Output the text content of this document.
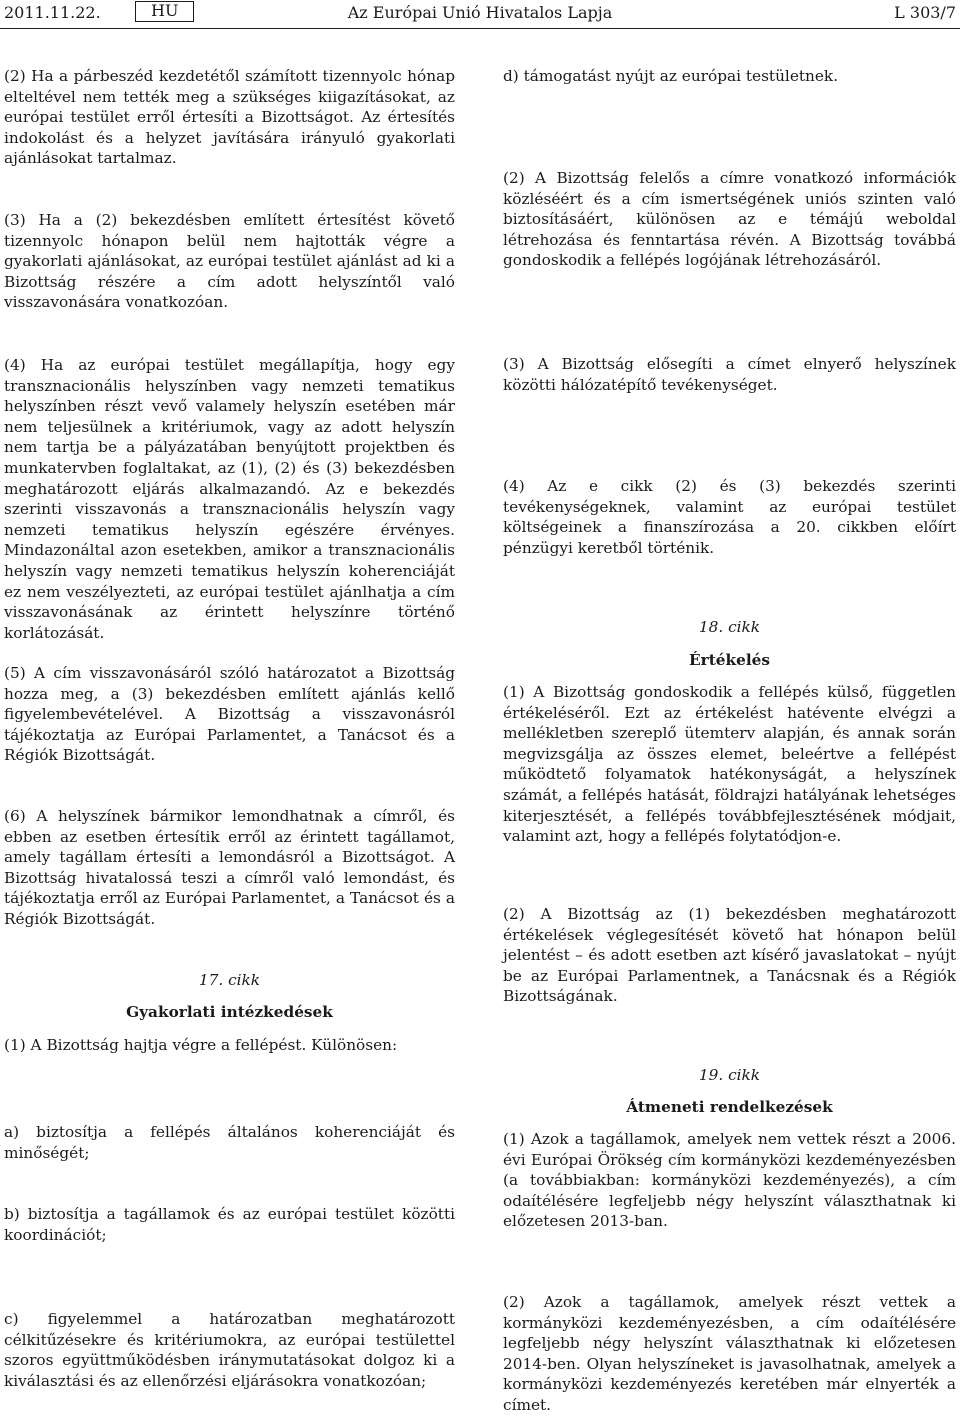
2011.11.22.	HU	Az Európai Unió Hivatalos Lapja	L 303/7

(2) Ha a párbeszéd kezdetétől számított tizennyolc hónap elteltével nem tették meg a szükséges kiigazításokat, az európai testület erről értesíti a Bizottságot. Az értesítés indokolást és a helyzet javítására irányuló gyakorlati ajánlásokat tartalmaz.

(3) Ha a (2) bekezdésben említett értesítést követő tizennyolc hónapon belül nem hajtották végre a gyakorlati ajánlásokat, az európai testület ajánlást ad ki a Bizottság részére a cím adott helyszíntől való visszavonására vonatkozóan.

(4) Ha az európai testület megállapítja, hogy egy transznacionális helyszínben vagy nemzeti tematikus helyszínben részt vevő valamely helyszín esetében már nem teljesülnek a kritériumok, vagy az adott helyszín nem tartja be a pályázatában benyújtott projektben és munkatervben foglaltakat, az (1), (2) és (3) bekezdésben meghatározott eljárás alkalmazandó. Az e bekezdés szerinti visszavonás a transznacionális helyszín vagy nemzeti tematikus helyszín egészére érvényes. Mindazonáltal azon esetekben, amikor a transznacionális helyszín vagy nemzeti tematikus helyszín koherenciáját ez nem veszélyezteti, az európai testület ajánlhatja a cím visszavonásának az érintett helyszínre történő korlátozását.

(5) A cím visszavonásáról szóló határozatot a Bizottság hozza meg, a (3) bekezdésben említett ajánlás kellő figyelembevételével. A Bizottság a visszavonásról tájékoztatja az Európai Parlamentet, a Tanácsot és a Régiók Bizottságát.

(6) A helyszínek bármikor lemondhatnak a címről, és ebben az esetben értesítik erről az érintett tagállamot, amely tagállam értesíti a lemondásról a Bizottságot. A Bizottság hivatalossá teszi a címről való lemondást, és tájékoztatja erről az Európai Parlamentet, a Tanácsot és a Régiók Bizottságát.

17. cikk
Gyakorlati intézkedések

(1) A Bizottság hajtja végre a fellépést. Különösen:

a) biztosítja a fellépés általános koherenciáját és minőségét;

b) biztosítja a tagállamok és az európai testület közötti koordinációt;

c) figyelemmel a határozatban meghatározott célkitűzésekre és kritériumokra, az európai testülettel szoros együttműködésben iránymutatásokat dolgoz ki a kiválasztási és az ellenőrzési eljárásokra vonatkozóan;

d) támogatást nyújt az európai testületnek.

(2) A Bizottság felelős a címre vonatkozó információk közléséért és a cím ismertségének uniós szinten való biztosításáért, különösen az e témájú weboldal létrehozása és fenntartása révén. A Bizottság továbbá gondoskodik a fellépés logójának létrehozásáról.

(3) A Bizottság elősegíti a címet elnyerő helyszínek közötti hálózatépítő tevékenységet.

(4) Az e cikk (2) és (3) bekezdés szerinti tevékenységeknek, valamint az európai testület költségeinek a finanszírozása a 20. cikkben előírt pénzügyi keretből történik.

18. cikk
Értékelés

(1) A Bizottság gondoskodik a fellépés külső, független értékeléséről. Ezt az értékelést hatévente elvégzi a mellékletben szereplő ütemterv alapján, és annak során megvizsgálja az összes elemet, beleértve a fellépést működtető folyamatok hatékonyságát, a helyszínek számát, a fellépés hatását, földrajzi hatályának lehetséges kiterjesztését, a fellépés továbbfejlesztésének módjait, valamint azt, hogy a fellépés folytatódjon-e.

(2) A Bizottság az (1) bekezdésben meghatározott értékelések véglegesítését követő hat hónapon belül jelentést – és adott esetben azt kísérő javaslatokat – nyújt be az Európai Parlamentnek, a Tanácsnak és a Régiók Bizottságának.

19. cikk
Átmeneti rendelkezések

(1) Azok a tagállamok, amelyek nem vettek részt a 2006. évi Európai Örökség cím kormányközi kezdeményezésben (a továbbiakban: kormányközi kezdeményezés), a cím odaítélésére legfeljebb négy helyszínt választhatnak ki előzetesen 2013-ban.

(2) Azok a tagállamok, amelyek részt vettek a kormányközi kezdeményezésben, a cím odaítélésére legfeljebb négy helyszínt választhatnak ki előzetesen 2014-ben. Olyan helyszíneket is javasolhatnak, amelyek a kormányközi kezdeményezés keretében már elnyerték a címet.
